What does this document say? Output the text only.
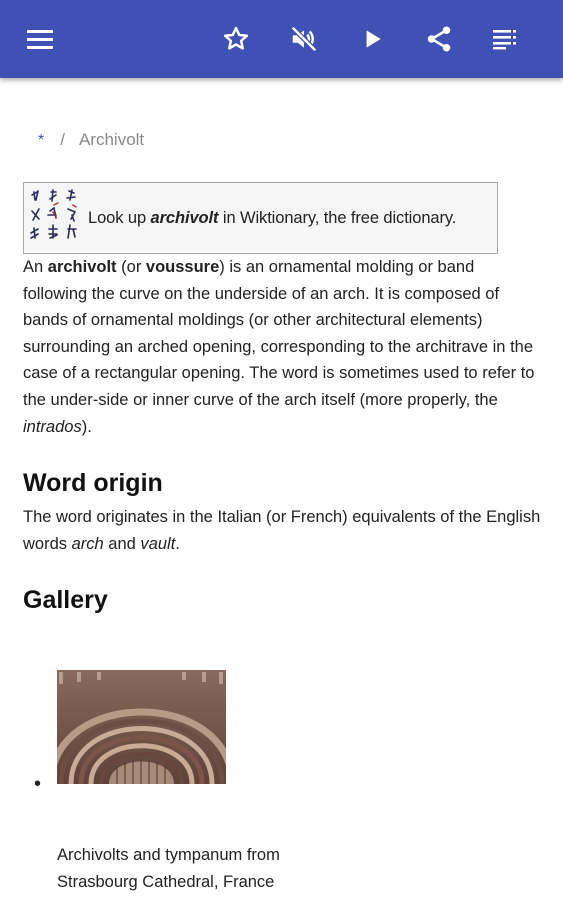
* / Archivolt
Look up archivolt in Wiktionary, the free dictionary.

An archivolt (or voussure) is an ornamental molding or band following the curve on the underside of an arch. It is composed of bands of ornamental moldings (or other architectural elements) surrounding an arched opening, corresponding to the architrave in the case of a rectangular opening. The word is sometimes used to refer to the under-side or inner curve of the arch itself (more properly, the intrados).

Word origin

The word originates in the Italian (or French) equivalents of the English words arch and vault.

Gallery
•
Archivolts and tympanum from Strasbourg Cathedral, France
